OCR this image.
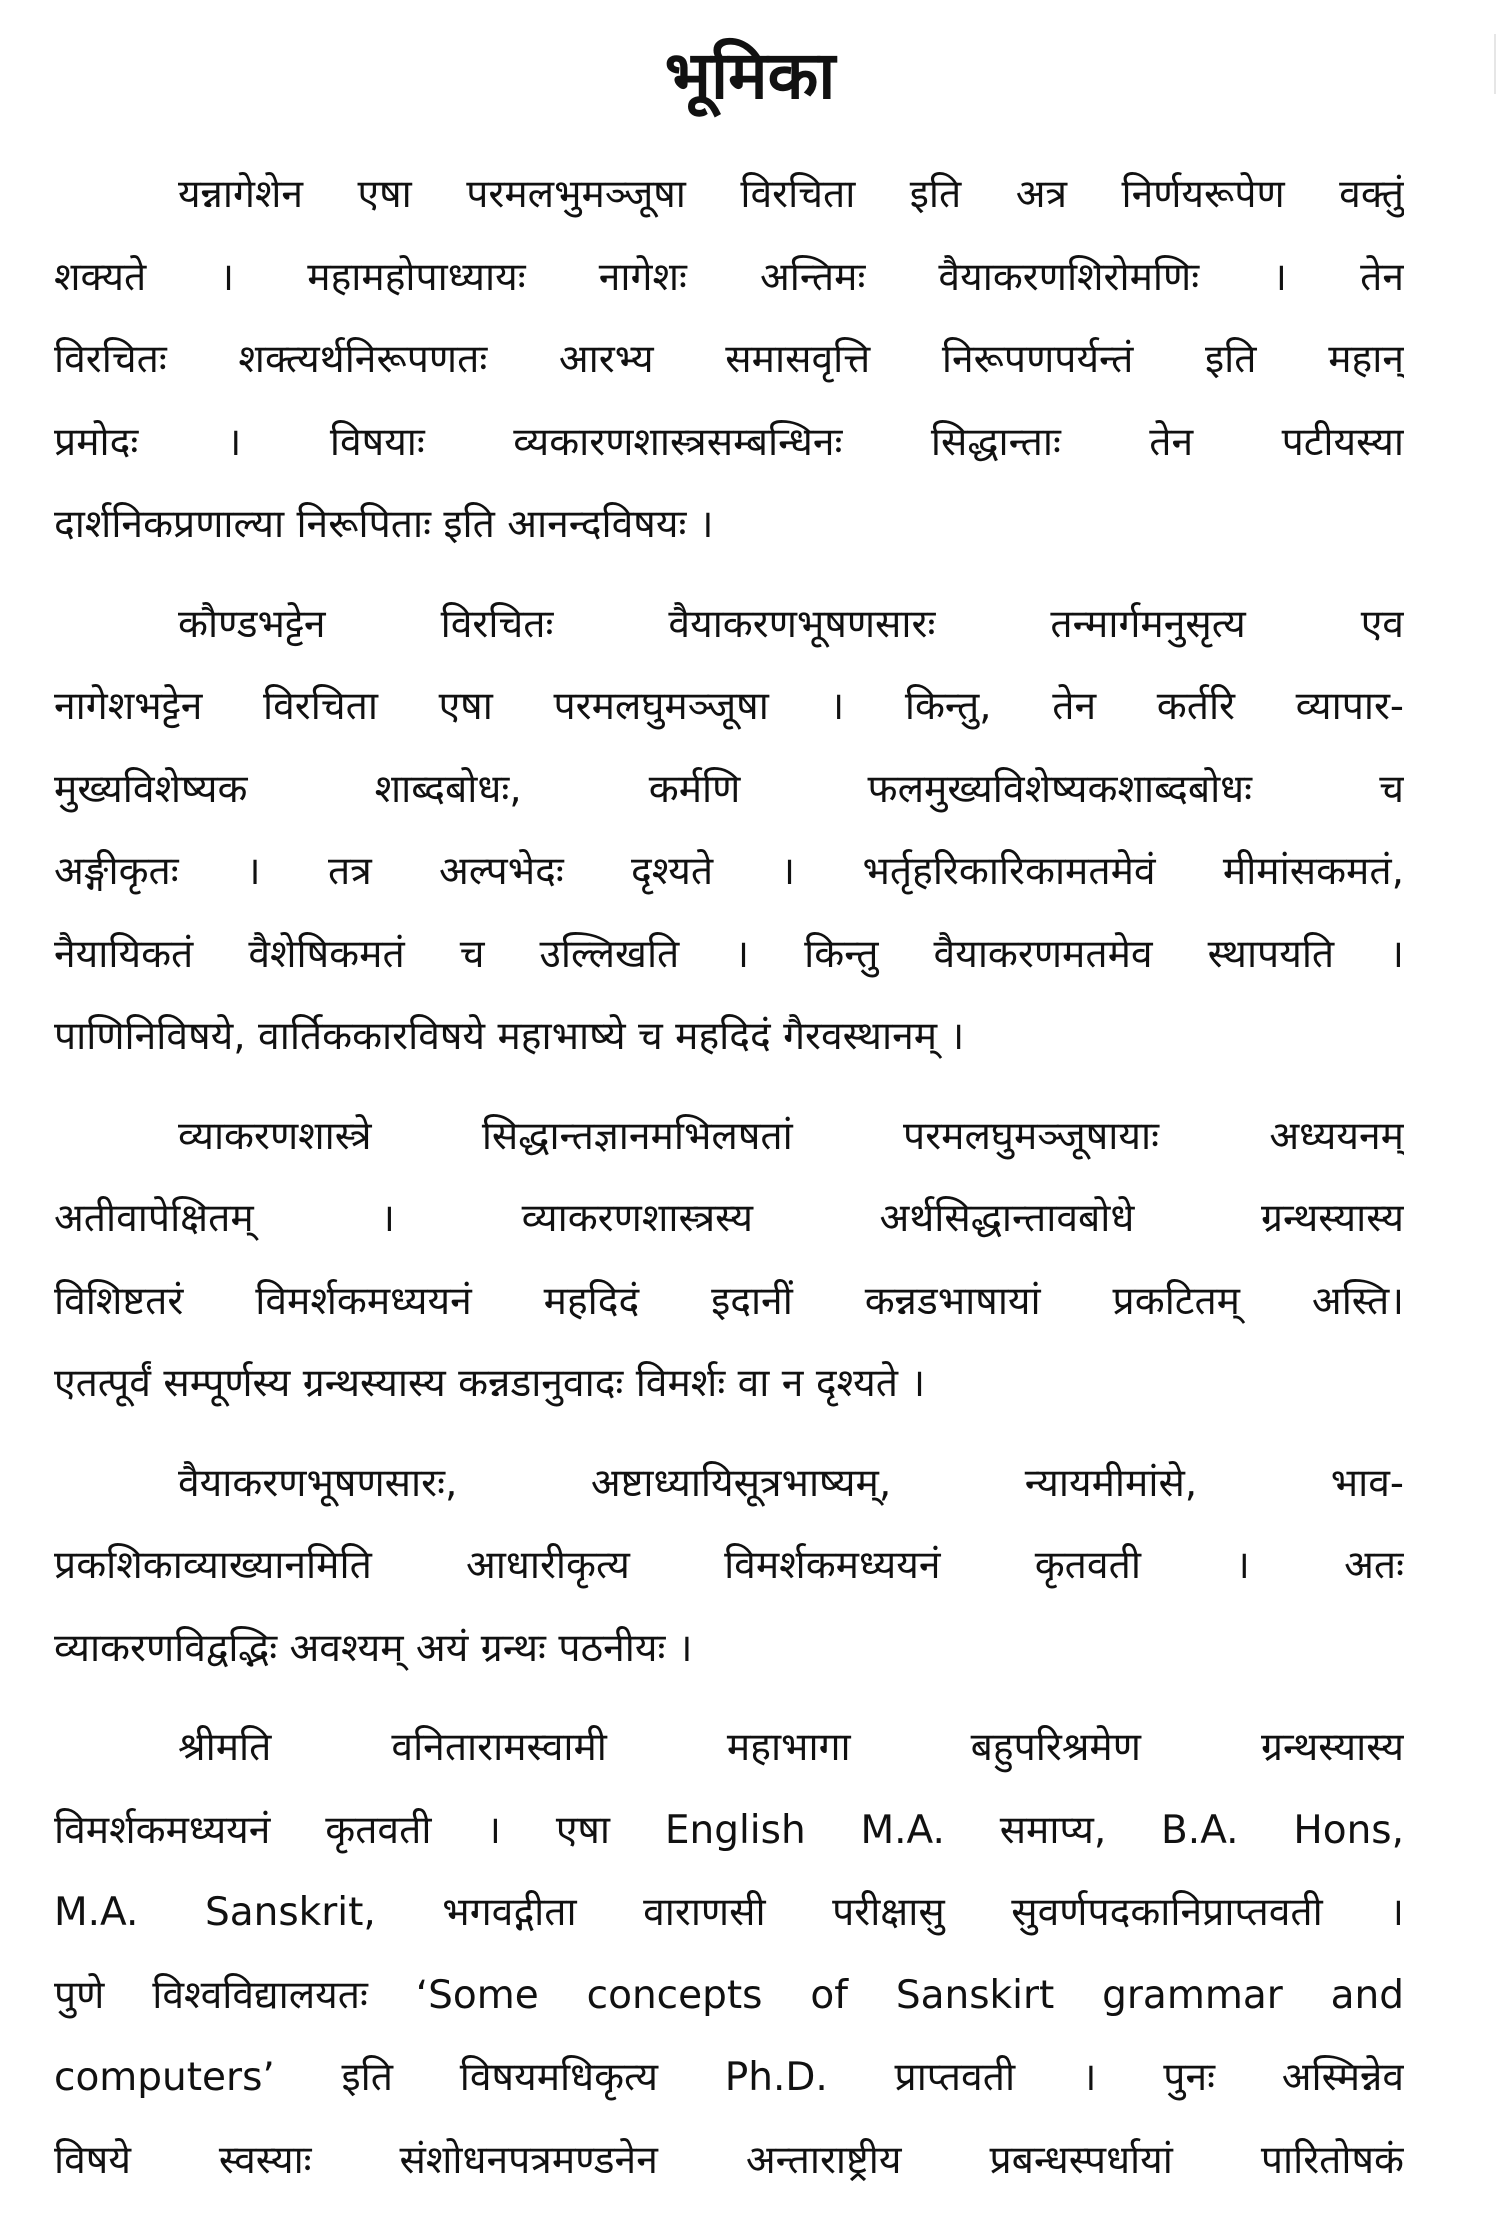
भूमिका
यन्नागेशेन एषा परमलभुमञ्जूषा विरचिता इति अत्र निर्णयरूपेण वक्तुं
शक्यते । महामहोपाध्यायः नागेशः अन्तिमः वैयाकरणशिरोमणिः । तेन
विरचितः शक्त्यर्थनिरूपणतः आरभ्य समासवृत्ति निरूपणपर्यन्तं इति महान्
प्रमोदः । विषयाः व्यकारणशास्त्रसम्बन्धिनः सिद्धान्ताः तेन पटीयस्या
दार्शनिकप्रणाल्या निरूपिताः इति आनन्दविषयः ।
कौण्डभट्टेन विरचितः वैयाकरणभूषणसारः तन्मार्गमनुसृत्य एव
नागेशभट्टेन विरचिता एषा परमलघुमञ्जूषा । किन्तु, तेन कर्तरि व्यापार-
मुख्यविशेष्यक शाब्दबोधः, कर्मणि फलमुख्यविशेष्यकशाब्दबोधः च
अङ्गीकृतः । तत्र अल्पभेदः दृश्यते । भर्तृहरिकारिकामतमेवं मीमांसकमतं,
नैयायिकतं वैशेषिकमतं च उल्लिखति । किन्तु वैयाकरणमतमेव स्थापयति ।
पाणिनिविषये, वार्तिककारविषये महाभाष्ये च महदिदं गैरवस्थानम् ।
व्याकरणशास्त्रे सिद्धान्तज्ञानमभिलषतां परमलघुमञ्जूषायाः अध्ययनम्
अतीवापेक्षितम् । व्याकरणशास्त्रस्य अर्थसिद्धान्तावबोधे ग्रन्थस्यास्य
विशिष्टतरं विमर्शकमध्ययनं महदिदं इदानीं कन्नडभाषायां प्रकटितम् अस्ति।
एतत्पूर्वं सम्पूर्णस्य ग्रन्थस्यास्य कन्नडानुवादः विमर्शः वा न दृश्यते ।
वैयाकरणभूषणसारः, अष्टाध्यायिसूत्रभाष्यम्, न्यायमीमांसे, भाव-
प्रकशिकाव्याख्यानमिति आधारीकृत्य विमर्शकमध्ययनं कृतवती । अतः
व्याकरणविद्वद्भिः अवश्यम् अयं ग्रन्थः पठनीयः ।
श्रीमति वनितारामस्वामी महाभागा बहुपरिश्रमेण ग्रन्थस्यास्य
विमर्शकमध्ययनं कृतवती । एषा English M.A. समाप्य, B.A. Hons,
M.A. Sanskrit, भगवद्गीता वाराणसी परीक्षासु सुवर्णपदकानिप्राप्तवती ।
पुणे विश्वविद्यालयतः ‘Some concepts of Sanskirt grammar and
computers’ इति विषयमधिकृत्य Ph.D. प्राप्तवती । पुनः अस्मिन्नेव
विषये स्वस्याः संशोधनपत्रमण्डनेन अन्ताराष्ट्रीय प्रबन्धस्पर्धायां पारितोषकं
